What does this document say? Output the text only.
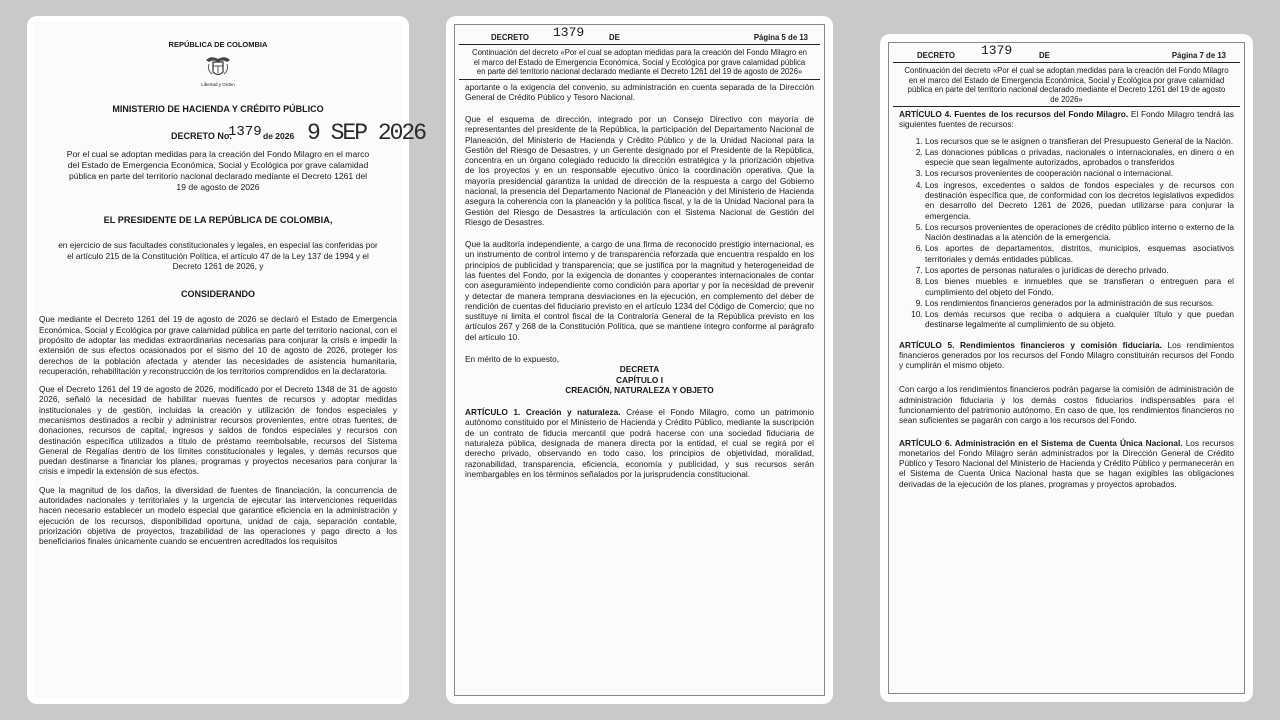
REPÚBLICA DE COLOMBIA
Libertad y Orden
MINISTERIO DE HACIENDA Y CRÉDITO PÚBLICO
DECRETO No.
1379 de 2026 9 SEP 2026
Por el cual se adoptan medidas para la creación del Fondo Milagro en el marco del Estado de Emergencia Económica, Social y Ecológica por grave calamidad pública en parte del territorio nacional declarado mediante el Decreto 1261 del 19 de agosto de 2026
EL PRESIDENTE DE LA REPÚBLICA DE COLOMBIA,
en ejercicio de sus facultades constitucionales y legales, en especial las conferidas por el artículo 215 de la Constitución Política, el artículo 47 de la Ley 137 de 1994 y el Decreto 1261 de 2026, y
CONSIDERANDO

Que mediante el Decreto 1261 del 19 de agosto de 2026 se declaró el Estado de Emergencia Económica, Social y Ecológica por grave calamidad pública en parte del territorio nacional, con el propósito de adoptar las medidas extraordinarias necesarias para conjurar la crisis e impedir la extensión de sus efectos ocasionados por el sismo del 10 de agosto de 2026, proteger los derechos de la población afectada y atender las necesidades de asistencia humanitaria, recuperación, rehabilitación y reconstrucción de los territorios comprendidos en la declaratoria.

Que el Decreto 1261 del 19 de agosto de 2026, modificado por el Decreto 1348 de 31 de agosto 2026, señaló la necesidad de habilitar nuevas fuentes de recursos y adoptar medidas institucionales y de gestión, incluidas la creación y utilización de fondos especiales y mecanismos destinados a recibir y administrar recursos provenientes, entre otras fuentes, de donaciones, recursos de capital, ingresos y saldos de fondos especiales y recursos con destinación específica utilizados a título de préstamo reembolsable, recursos del Sistema General de Regalías dentro de los límites constitucionales y legales, y demás recursos que puedan destinarse a financiar los planes, programas y proyectos necesarios para conjurar la crisis e impedir la extensión de sus efectos.

Que la magnitud de los daños, la diversidad de fuentes de financiación, la concurrencia de autoridades nacionales y territoriales y la urgencia de ejecutar las intervenciones requeridas hacen necesario establecer un modelo especial que garantice eficiencia en la administración y ejecución de los recursos, disponibilidad oportuna, unidad de caja, separación contable, priorización objetiva de proyectos, trazabilidad de las operaciones y pago directo a los beneficiarios finales únicamente cuando se encuentren acreditados los requisitos

DECRETO 1379	DE	Página 5 de 13
Continuación del decreto «Por el cual se adoptan medidas para la creación del Fondo Milagro en el marco del Estado de Emergencia Económica, Social y Ecológica por grave calamidad pública en parte del territorio nacional declarado mediante el Decreto 1261 del 19 de agosto de 2026»

aportante o la exigencia del convenio, su administración en cuenta separada de la Dirección General de Crédito Público y Tesoro Nacional.

Que el esquema de dirección, integrado por un Consejo Directivo con mayoría de representantes del presidente de la República, la participación del Departamento Nacional de Planeación, del Ministerio de Hacienda y Crédito Público y de la Unidad Nacional para la Gestión del Riesgo de Desastres, y un Gerente designado por el Presidente de la República, concentra en un órgano colegiado reducido la dirección estratégica y la priorización objetiva de los proyectos y en un responsable ejecutivo único la coordinación operativa. Que la mayoría presidencial garantiza la unidad de dirección de la respuesta a cargo del Gobierno nacional, la presencia del Departamento Nacional de Planeación y del Ministerio de Hacienda asegura la coherencia con la planeación y la política fiscal, y la de la Unidad Nacional para la Gestión del Riesgo de Desastres la articulación con el Sistema Nacional de Gestión del Riesgo de Desastres.

Que la auditoría independiente, a cargo de una firma de reconocido prestigio internacional, es un instrumento de control interno y de transparencia reforzada que encuentra respaldo en los principios de publicidad y transparencia; que se justifica por la magnitud y heterogeneidad de las fuentes del Fondo, por la exigencia de donantes y cooperantes internacionales de contar con aseguramiento independiente como condición para aportar y por la necesidad de prevenir y detectar de manera temprana desviaciones en la ejecución, en complemento del deber de rendición de cuentas del fiduciario previsto en el artículo 1234 del Código de Comercio; que no sustituye ni limita el control fiscal de la Contraloría General de la República previsto en los artículos 267 y 268 de la Constitución Política, que se mantiene íntegro conforme al parágrafo del artículo 10.

En mérito de lo expuesto,
DECRETA
CAPÍTULO I
CREACIÓN, NATURALEZA Y OBJETO

ARTÍCULO 1. Creación y naturaleza. Créase el Fondo Milagro, como un patrimonio autónomo constituido por el Ministerio de Hacienda y Crédito Público, mediante la suscripción de un contrato de fiducia mercantil que podrá hacerse con una sociedad fiduciaria de naturaleza pública, designada de manera directa por la entidad, el cual se regirá por el derecho privado, observando en todo caso, los principios de objetividad, moralidad, razonabilidad, transparencia, eficiencia, economía y publicidad, y sus recursos serán inembargables en los términos señalados por la jurisprudencia constitucional.

DECRETO 1379	DE	Página 7 de 13
Continuación del decreto «Por el cual se adoptan medidas para la creación del Fondo Milagro en el marco del Estado de Emergencia Económica, Social y Ecológica por grave calamidad pública en parte del territorio nacional declarado mediante el Decreto 1261 del 19 de agosto de 2026»

ARTÍCULO 4. Fuentes de los recursos del Fondo Milagro. El Fondo Milagro tendrá las siguientes fuentes de recursos:

1. Los recursos que se le asignen o transfieran del Presupuesto General de la Nación.
2. Las donaciones públicas o privadas, nacionales o internacionales, en dinero o en especie que sean legalmente autorizados, aprobados o transferidos
3. Los recursos provenientes de cooperación nacional o internacional.
4. Los ingresos, excedentes o saldos de fondos especiales y de recursos con destinación específica que, de conformidad con los decretos legislativos expedidos en desarrollo del Decreto 1261 de 2026, puedan utilizarse para conjurar la emergencia.
5. Los recursos provenientes de operaciones de crédito público interno o externo de la Nación destinadas a la atención de la emergencia.
6. Los aportes de departamentos, distritos, municipios, esquemas asociativos territoriales y demás entidades públicas.
7. Los aportes de personas naturales o jurídicas de derecho privado.
8. Los bienes muebles e inmuebles que se transfieran o entreguen para el cumplimiento del objeto del Fondo.
9. Los rendimientos financieros generados por la administración de sus recursos.
10. Los demás recursos que reciba o adquiera a cualquier título y que puedan destinarse legalmente al cumplimiento de su objeto.

ARTÍCULO 5. Rendimientos financieros y comisión fiduciaria. Los rendimientos financieros generados por los recursos del Fondo Milagro constituirán recursos del Fondo y cumplirán el mismo objeto.

Con cargo a los rendimientos financieros podrán pagarse la comisión de administración de administración fiduciaria y los demás costos fiduciarios indispensables para el funcionamiento del patrimonio autónomo. En caso de que, los rendimientos financieros no sean suficientes se pagarán con cargo a los recursos del Fondo.

ARTÍCULO 6. Administración en el Sistema de Cuenta Única Nacional. Los recursos monetarios del Fondo Milagro serán administrados por la Dirección General de Crédito Público y Tesoro Nacional del Ministerio de Hacienda y Crédito Público y permanecerán en el Sistema de Cuenta Única Nacional hasta que se hagan exigibles las obligaciones derivadas de la ejecución de los planes, programas y proyectos aprobados.
